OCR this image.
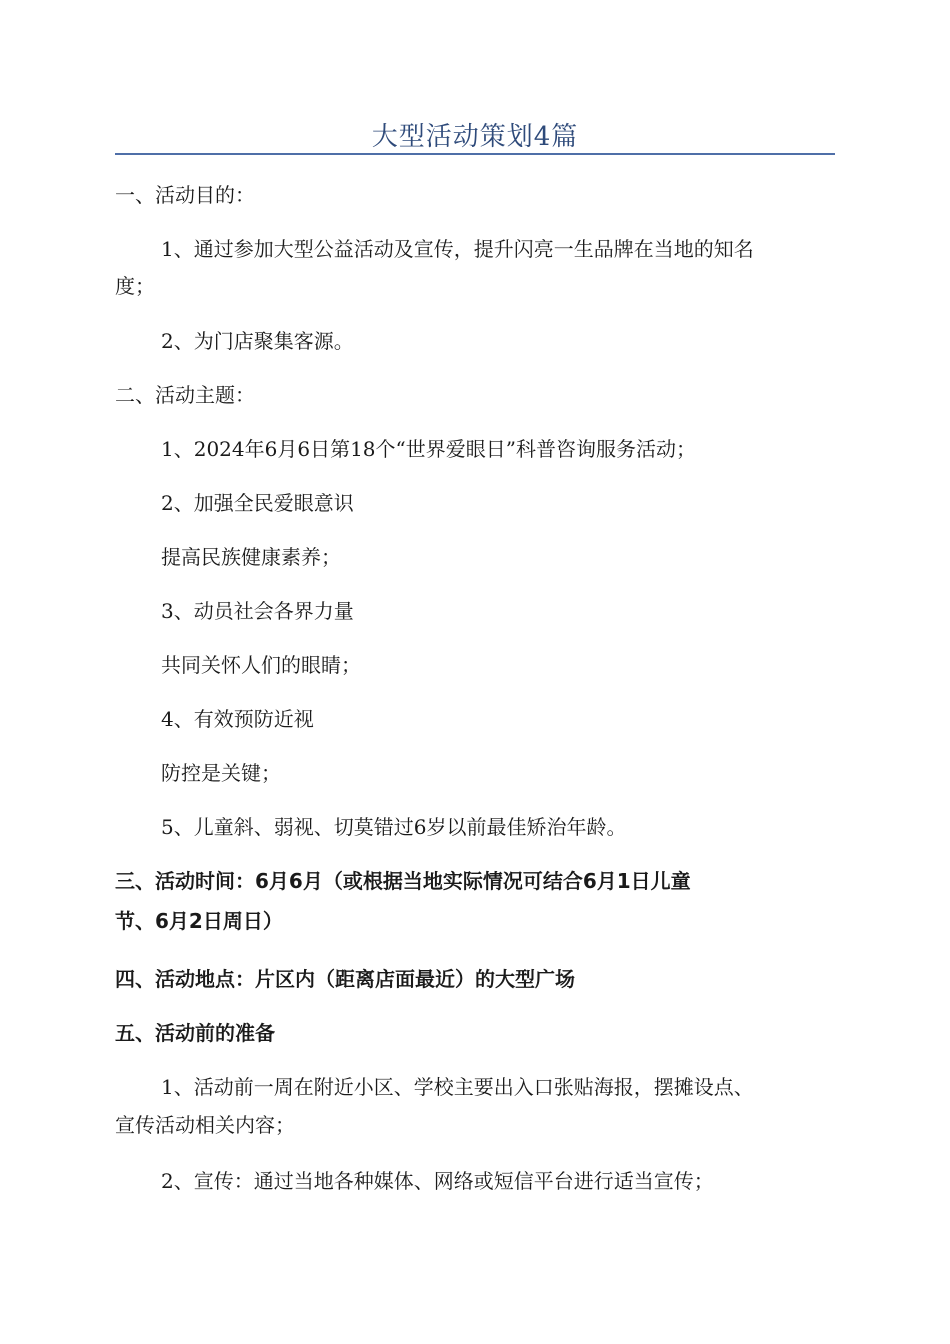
大型活动策划4篇
一、活动目的：
1、通过参加大型公益活动及宣传，提升闪亮一生品牌在当地的知名
度；
2、为门店聚集客源。
二、活动主题：
1、2024年6月6日第18个“世界爱眼日”科普咨询服务活动；
2、加强全民爱眼意识
提高民族健康素养；
3、动员社会各界力量
共同关怀人们的眼睛；
4、有效预防近视
防控是关键；
5、儿童斜、弱视、切莫错过6岁以前最佳矫治年龄。
三、活动时间：6月6月（或根据当地实际情况可结合6月1日儿童
节、6月2日周日）
四、活动地点：片区内（距离店面最近）的大型广场
五、活动前的准备
1、活动前一周在附近小区、学校主要出入口张贴海报，摆摊设点、
宣传活动相关内容；
2、宣传：通过当地各种媒体、网络或短信平台进行适当宣传；
